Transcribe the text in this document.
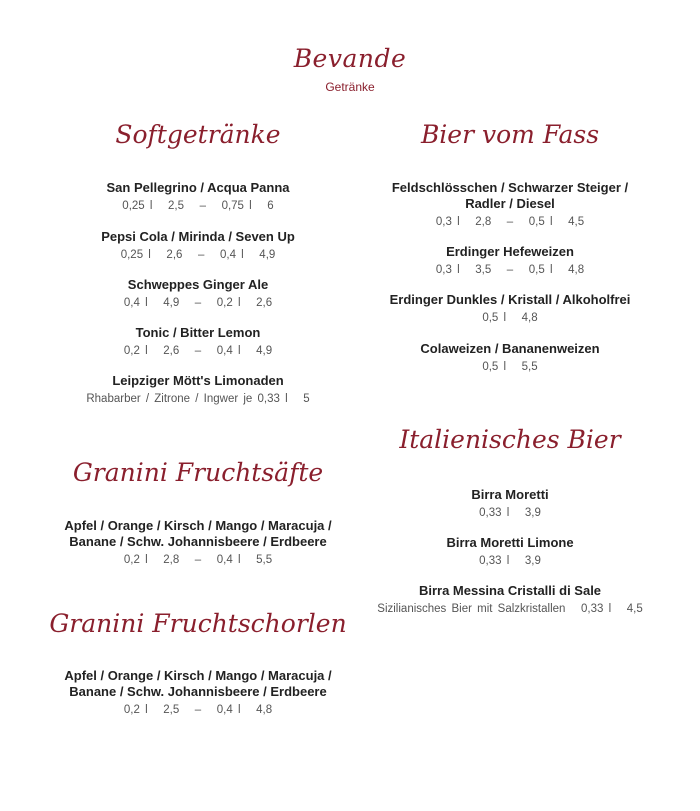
Bevande
Getränke
Softgetränke
San Pellegrino / Acqua Panna
0,25 l   2,5   –   0,75 l   6
Pepsi Cola / Mirinda / Seven Up
0,25 l   2,6   –   0,4 l   4,9
Schweppes Ginger Ale
0,4 l   4,9   –   0,2 l   2,6
Tonic / Bitter Lemon
0,2 l   2,6   –   0,4 l   4,9
Leipziger Mött's Limonaden
Rhabarber / Zitrone / Ingwer je 0,33 l   5
Bier vom Fass
Feldschlösschen / Schwarzer Steiger / Radler / Diesel
0,3 l   2,8   –   0,5 l   4,5
Erdinger Hefeweizen
0,3 l   3,5   –   0,5 l   4,8
Erdinger Dunkles / Kristall / Alkoholfrei
0,5 l   4,8
Colaweizen / Bananenweizen
0,5 l   5,5
Granini Fruchtsäfte
Apfel / Orange / Kirsch / Mango / Maracuja / Banane / Schw. Johannisbeere / Erdbeere
0,2 l   2,8   –   0,4 l   5,5
Italienisches Bier
Birra Moretti
0,33 l   3,9
Birra Moretti Limone
0,33 l   3,9
Birra Messina Cristalli di Sale
Sizilianisches Bier mit Salzkristallen   0,33 l   4,5
Granini Fruchtschorlen
Apfel / Orange / Kirsch / Mango / Maracuja / Banane / Schw. Johannisbeere / Erdbeere
0,2 l   2,5   –   0,4 l   4,8
